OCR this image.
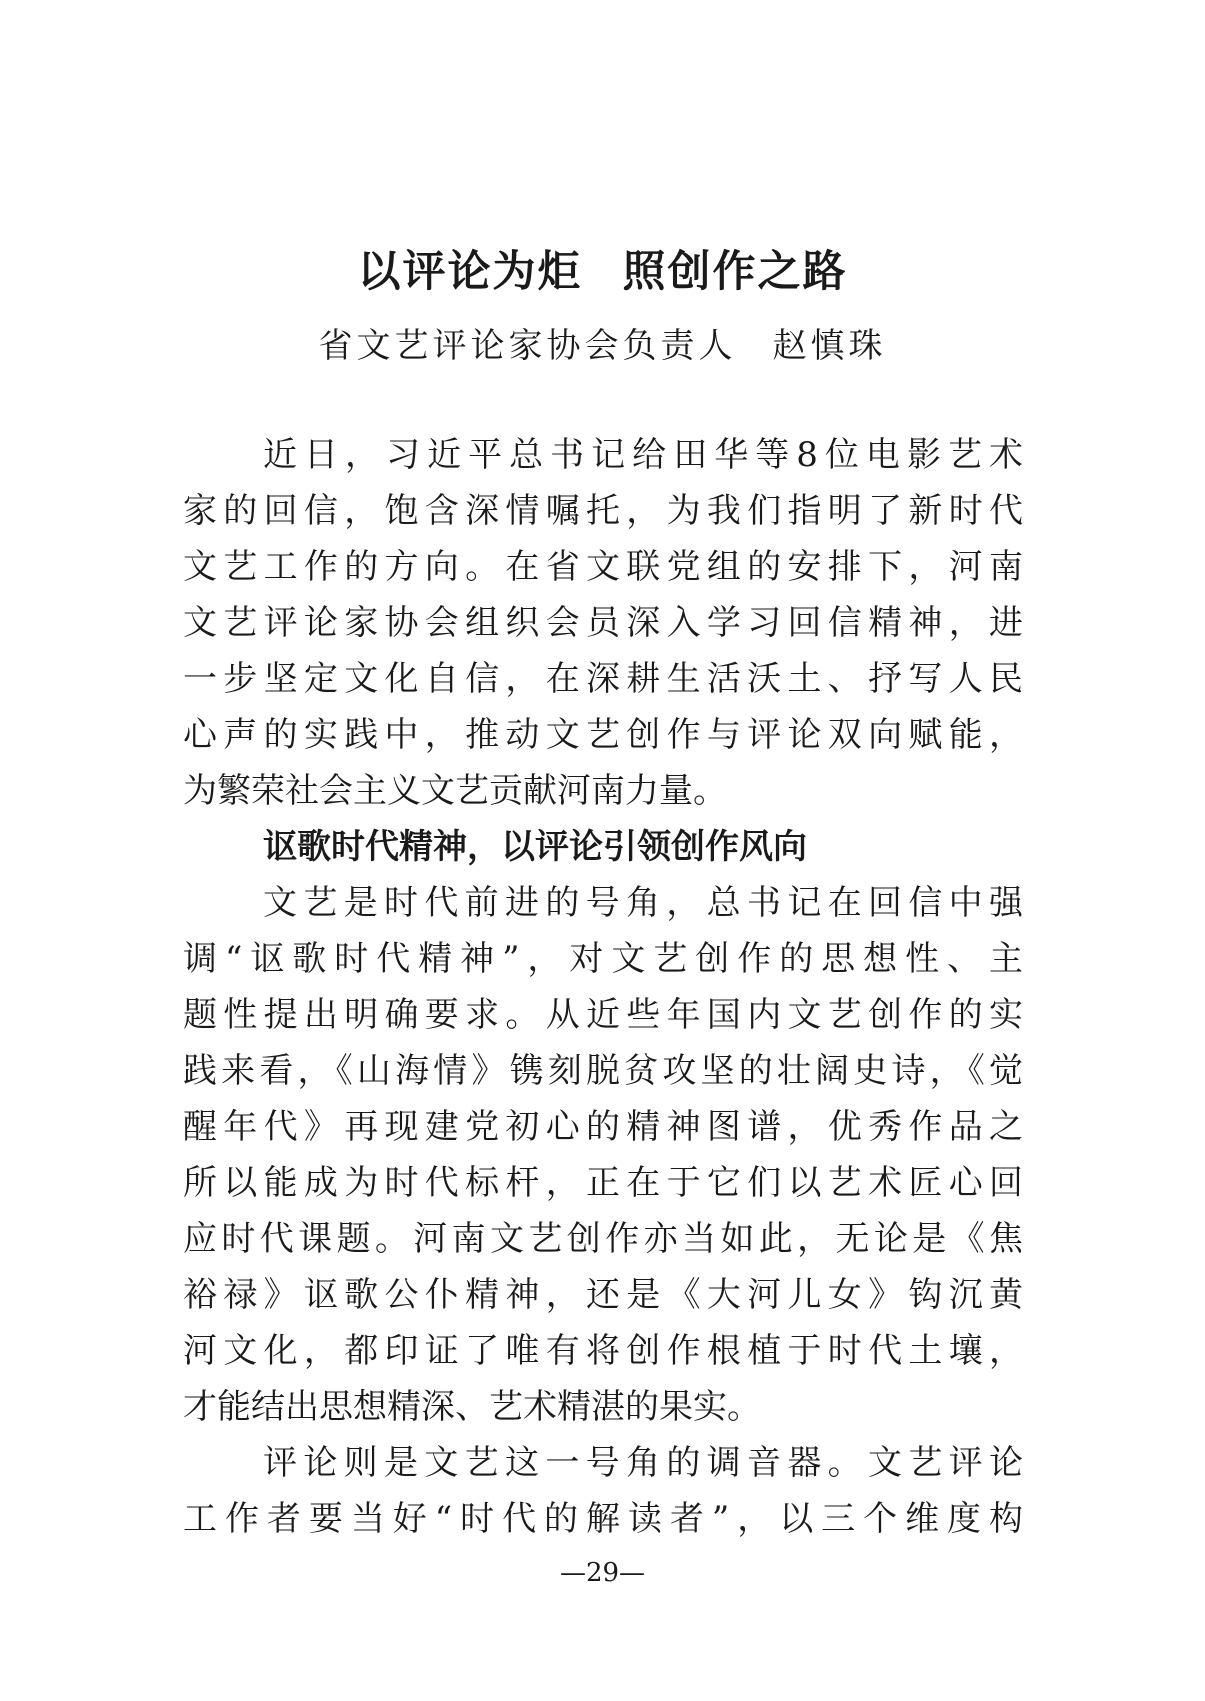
以评论为炬 照创作之路
省文艺评论家协会负责人 赵慎珠
近日，习近平总书记给田华等8位电影艺术
家的回信，饱含深情嘱托，为我们指明了新时代
文艺工作的方向。在省文联党组的安排下，河南
文艺评论家协会组织会员深入学习回信精神，进
一步坚定文化自信，在深耕生活沃土、抒写人民
心声的实践中，推动文艺创作与评论双向赋能，
为繁荣社会主义文艺贡献河南力量。
讴歌时代精神，以评论引领创作风向
文艺是时代前进的号角，总书记在回信中强
调“讴歌时代精神”，对文艺创作的思想性、主
题性提出明确要求。从近些年国内文艺创作的实
践来看，《山海情》镌刻脱贫攻坚的壮阔史诗，《觉
醒年代》再现建党初心的精神图谱，优秀作品之
所以能成为时代标杆，正在于它们以艺术匠心回
应时代课题。河南文艺创作亦当如此，无论是《焦
裕禄》讴歌公仆精神，还是《大河儿女》钩沉黄
河文化，都印证了唯有将创作根植于时代土壤，
才能结出思想精深、艺术精湛的果实。
评论则是文艺这一号角的调音器。文艺评论
工作者要当好“时代的解读者”，以三个维度构
—29—
